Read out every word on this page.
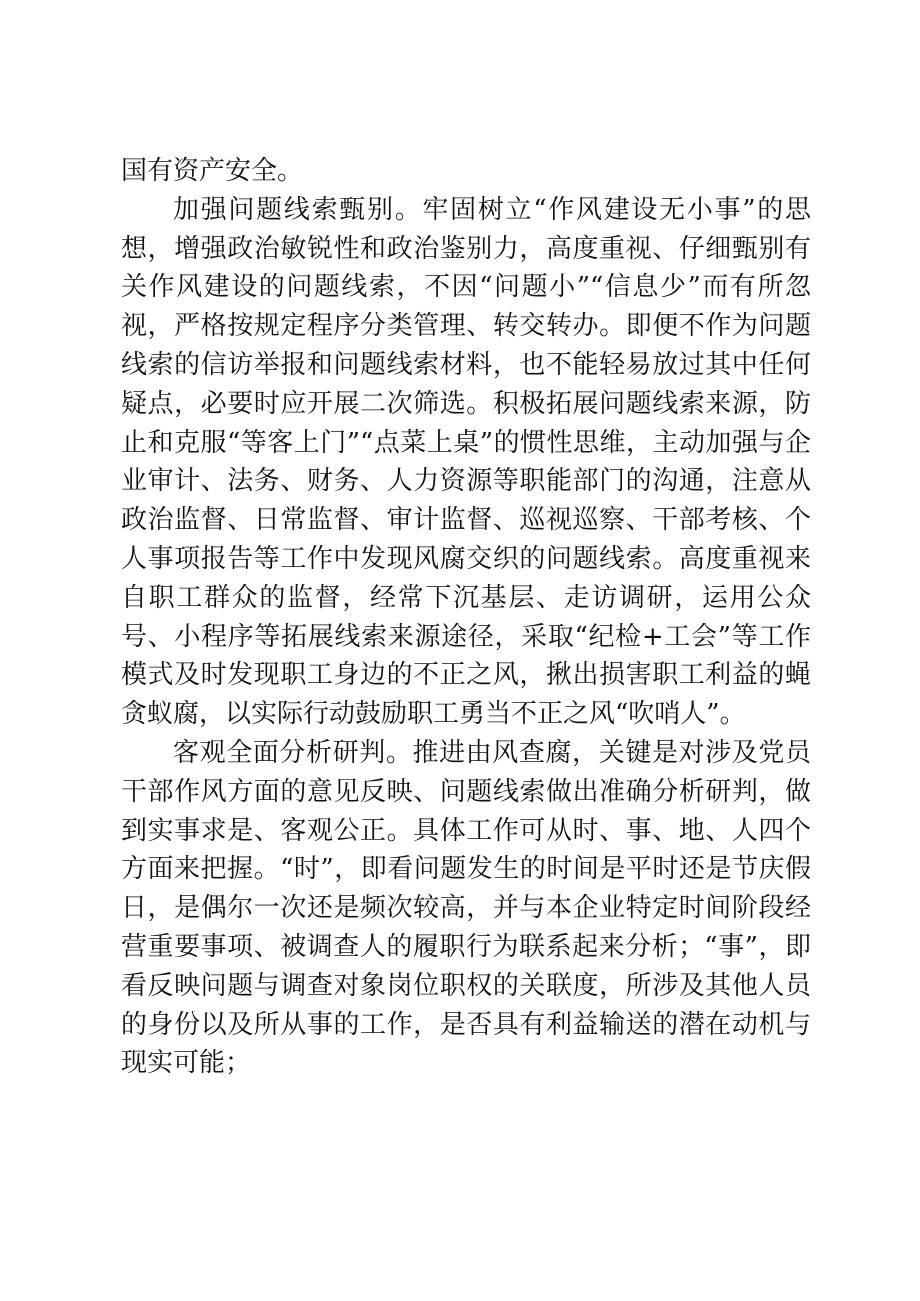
国有资产安全。

加强问题线索甄别。牢固树立“作风建设无小事”的思想，增强政治敏锐性和政治鉴别力，高度重视、仔细甄别有关作风建设的问题线索，不因“问题小”“信息少”而有所忽视，严格按规定程序分类管理、转交转办。即便不作为问题线索的信访举报和问题线索材料，也不能轻易放过其中任何疑点，必要时应开展二次筛选。积极拓展问题线索来源，防止和克服“等客上门”“点菜上桌”的惯性思维，主动加强与企业审计、法务、财务、人力资源等职能部门的沟通，注意从政治监督、日常监督、审计监督、巡视巡察、干部考核、个人事项报告等工作中发现风腐交织的问题线索。高度重视来自职工群众的监督，经常下沉基层、走访调研，运用公众号、小程序等拓展线索来源途径，采取“纪检+工会”等工作模式及时发现职工身边的不正之风，揪出损害职工利益的蝇贪蚁腐，以实际行动鼓励职工勇当不正之风“吹哨人”。

客观全面分析研判。推进由风查腐，关键是对涉及党员干部作风方面的意见反映、问题线索做出准确分析研判，做到实事求是、客观公正。具体工作可从时、事、地、人四个方面来把握。“时”，即看问题发生的时间是平时还是节庆假日，是偶尔一次还是频次较高，并与本企业特定时间阶段经营重要事项、被调查人的履职行为联系起来分析；“事”，即看反映问题与调查对象岗位职权的关联度，所涉及其他人员的身份以及所从事的工作，是否具有利益输送的潜在动机与现实可能；
